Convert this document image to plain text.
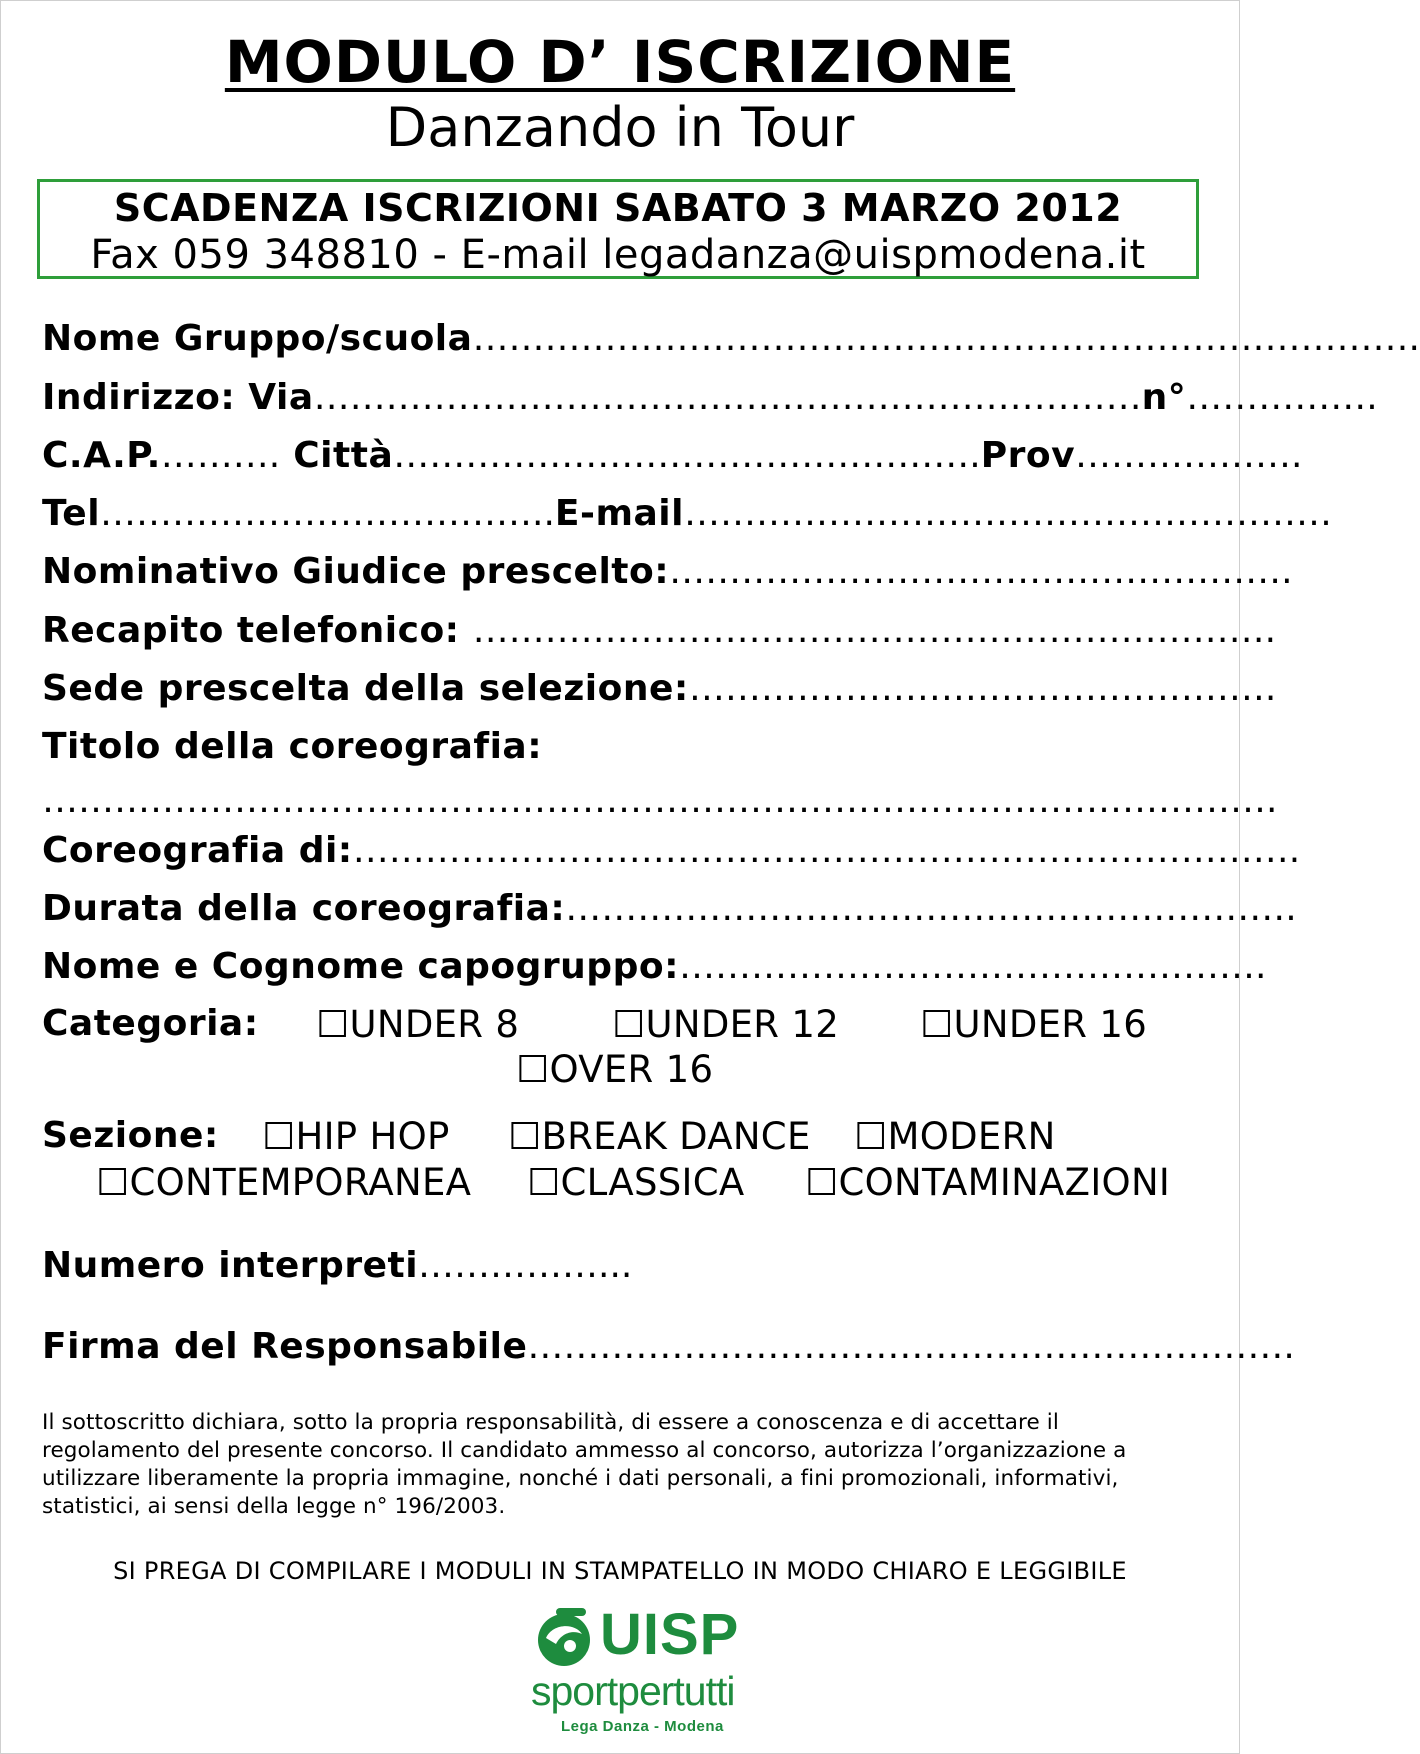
MODULO D’ ISCRIZIONE
Danzando in Tour
SCADENZA ISCRIZIONI SABATO 3 MARZO 2012
Fax 059 348810 - E-mail legadanza@uispmodena.it
Nome Gruppo/scuola…………………………………………………………………….
Indirizzo: Via……………………………………………………………n°…………….
C.A.P.………. Città………………………………………….Prov……………….
Tel………………………………..E-mail………………………………………………
Nominativo Giudice prescelto:…………………………………………….
Recapito telefonico: ………………………………………………………….
Sede prescelta della selezione:………………………………………….
Titolo della coreografia:
………………………………………………………………………………………….
Coreografia di:…………………………………………………………………….
Durata della coreografia:…………………………………………………….
Nome e Cognome capogruppo:………………………………………….
Categoria: ☐UNDER 8	☐UNDER 12 ☐UNDER 16
☐OVER 16
Sezione: ☐HIP HOP ☐BREAK DANCE ☐MODERN
☐CONTEMPORANEA ☐CLASSICA ☐CONTAMINAZIONI
Numero interpreti……………...
Firma del Responsabile……………………………………………………….
Il sottoscritto dichiara, sotto la propria responsabilità, di essere a conoscenza e di accettare il regolamento del presente concorso. Il candidato ammesso al concorso, autorizza l’organizzazione a utilizzare liberamente la propria immagine, nonché i dati personali, a fini promozionali, informativi, statistici, ai sensi della legge n° 196/2003.
SI PREGA DI COMPILARE I MODULI IN STAMPATELLO IN MODO CHIARO E LEGGIBILE
UISP
sportpertutti
Lega Danza - Modena
